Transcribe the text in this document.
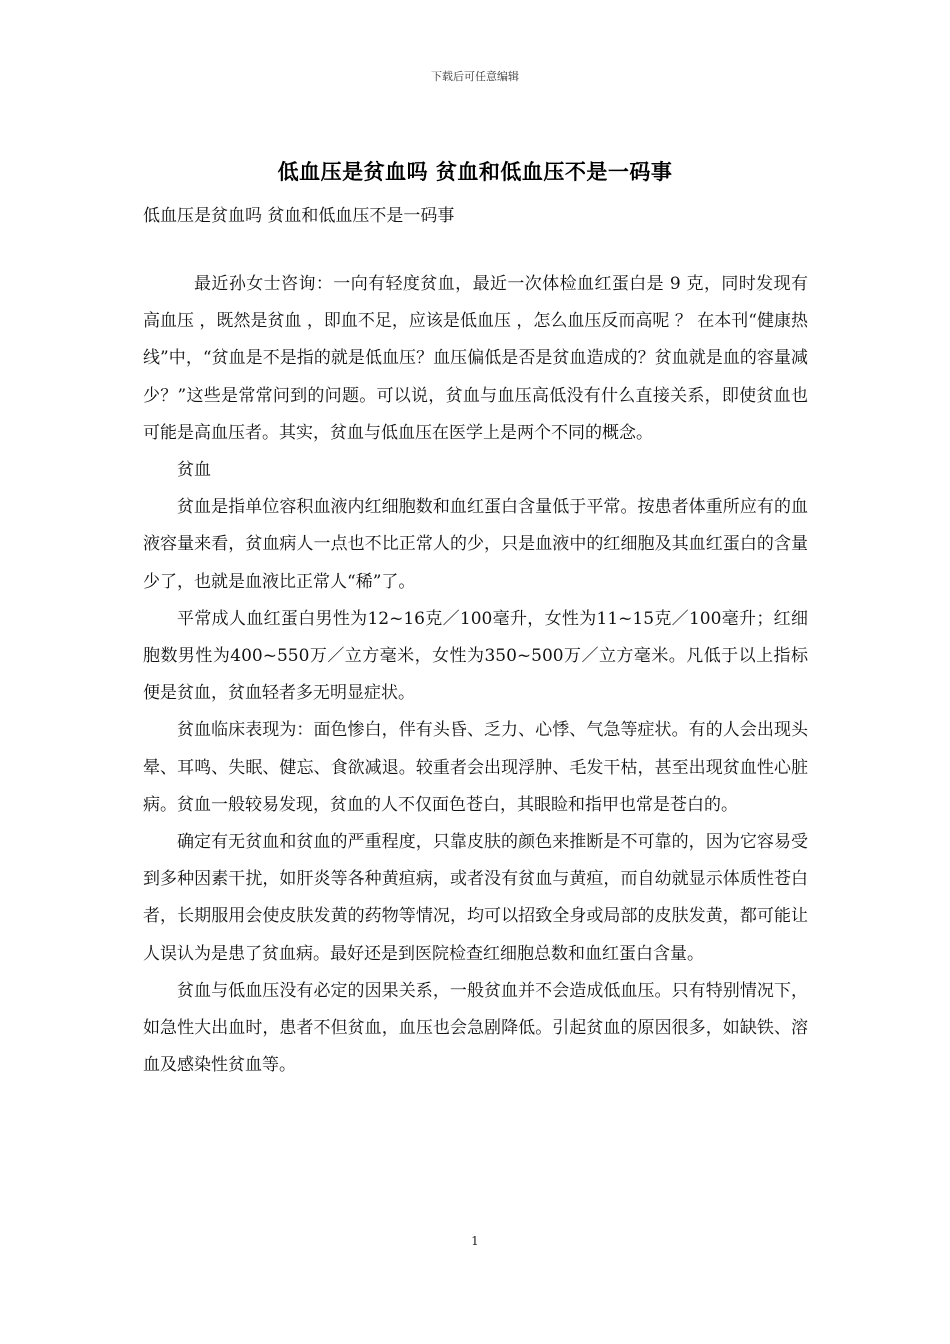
下载后可任意编辑
低血压是贫血吗 贫血和低血压不是一码事
低血压是贫血吗 贫血和低血压不是一码事

最近孙女士咨询：一向有轻度贫血，最近一次体检血红蛋白是 9 克，同时发现有高血压 ，既然是贫血 ，即血不足，应该是低血压 ，怎么血压反而高呢 ？ 在本刊“健康热线”中，“贫血是不是指的就是低血压？血压偏低是否是贫血造成的？贫血就是血的容量减少？”这些是常常问到的问题。可以说，贫血与血压高低没有什么直接关系，即使贫血也可能是高血压者。其实，贫血与低血压在医学上是两个不同的概念。

贫血

贫血是指单位容积血液内红细胞数和血红蛋白含量低于平常。按患者体重所应有的血液容量来看，贫血病人一点也不比正常人的少，只是血液中的红细胞及其血红蛋白的含量少了，也就是血液比正常人“稀”了。

平常成人血红蛋白男性为12~16克／100毫升，女性为11~15克／100毫升；红细胞数男性为400~550万／立方毫米，女性为350~500万／立方毫米。凡低于以上指标便是贫血，贫血轻者多无明显症状。

贫血临床表现为：面色惨白，伴有头昏、乏力、心悸、气急等症状。有的人会出现头晕、耳鸣、失眠、健忘、食欲减退。较重者会出现浮肿、毛发干枯，甚至出现贫血性心脏病。贫血一般较易发现，贫血的人不仅面色苍白，其眼睑和指甲也常是苍白的。

确定有无贫血和贫血的严重程度，只靠皮肤的颜色来推断是不可靠的，因为它容易受到多种因素干扰，如肝炎等各种黄疸病，或者没有贫血与黄疸，而自幼就显示体质性苍白者，长期服用会使皮肤发黄的药物等情况，均可以招致全身或局部的皮肤发黄，都可能让人误认为是患了贫血病。最好还是到医院检查红细胞总数和血红蛋白含量。

贫血与低血压没有必定的因果关系，一般贫血并不会造成低血压。只有特别情况下，如急性大出血时，患者不但贫血，血压也会急剧降低。引起贫血的原因很多，如缺铁、溶血及感染性贫血等。

1
